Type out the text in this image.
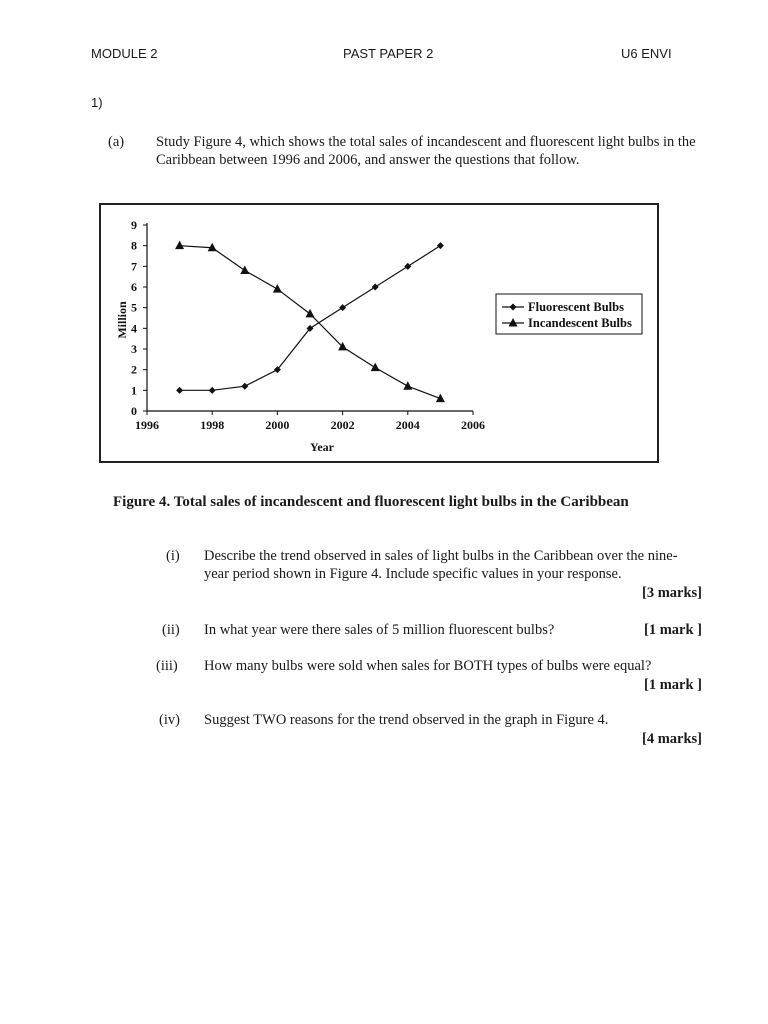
MODULE 2	PAST PAPER 2	U6 ENVI
1)
(a) Study Figure 4, which shows the total sales of incandescent and fluorescent light bulbs in the Caribbean between 1996 and 2006, and answer the questions that follow.
0
1
2
3
4
5
6
7
8
9
1996	1998	2000	2002	2004	2006
Year
Million	Fluorescent Bulbs
Incandescent Bulbs
Figure 4. Total sales of incandescent and fluorescent light bulbs in the Caribbean
(i) Describe the trend observed in sales of light bulbs in the Caribbean over the nine-year period shown in Figure 4. Include specific values in your response.
[3 marks]
(ii) In what year were there sales of 5 million fluorescent bulbs?	[1 mark ]
(iii) How many bulbs were sold when sales for BOTH types of bulbs were equal?
[1 mark ]
(iv) Suggest TWO reasons for the trend observed in the graph in Figure 4.
[4 marks]
